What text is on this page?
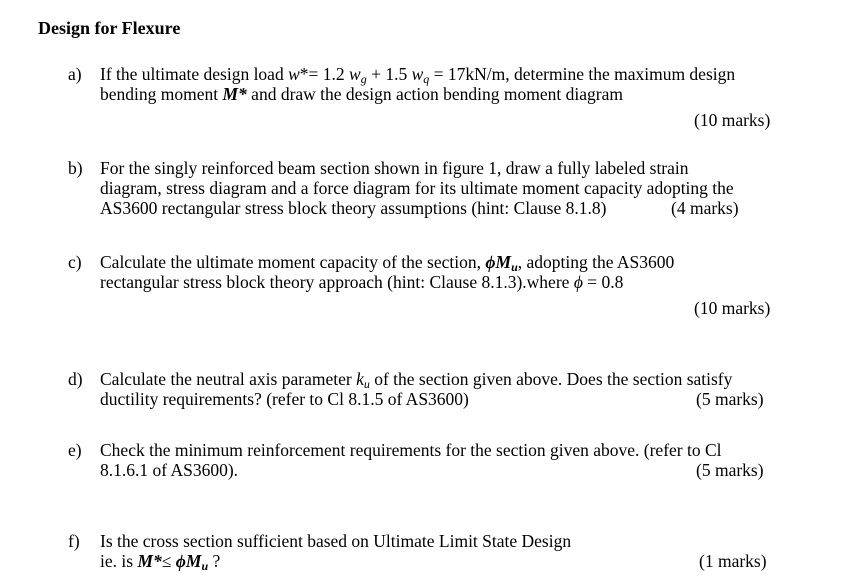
Design for Flexure
a) If the ultimate design load w*= 1.2 $w_g + 1.5$ $w_q = 17kN/m$, determine the maximum design
bending moment M* and draw the design action bending moment diagram
(10 marks)
b) For the singly reinforced beam section shown in figure 1, draw a fully labeled strain
diagram, stress diagram and a force diagram for its ultimate moment capacity adopting the
AS3600 rectangular stress block theory assumptions (hint: Clause 8.1.8)	(4 marks)
c) Calculate the ultimate moment capacity of the section, $\phi M_u$, adopting the AS3600
rectangular stress block theory approach (hint: Clause 8.1.3).where ϕ = 0.8
(10 marks)
d) Calculate the neutral axis parameter $k_u$ of the section given above. Does the section satisfy
ductility requirements? (refer to Cl 8.1.5 of AS3600)	(5 marks)
e) Check the minimum reinforcement requirements for the section given above. (refer to Cl
8.1.6.1 of AS3600).	(5 marks)
f) Is the cross section sufficient based on Ultimate Limit State Design
ie. is $M*\le \phi M_u$ ?	(1 marks)
